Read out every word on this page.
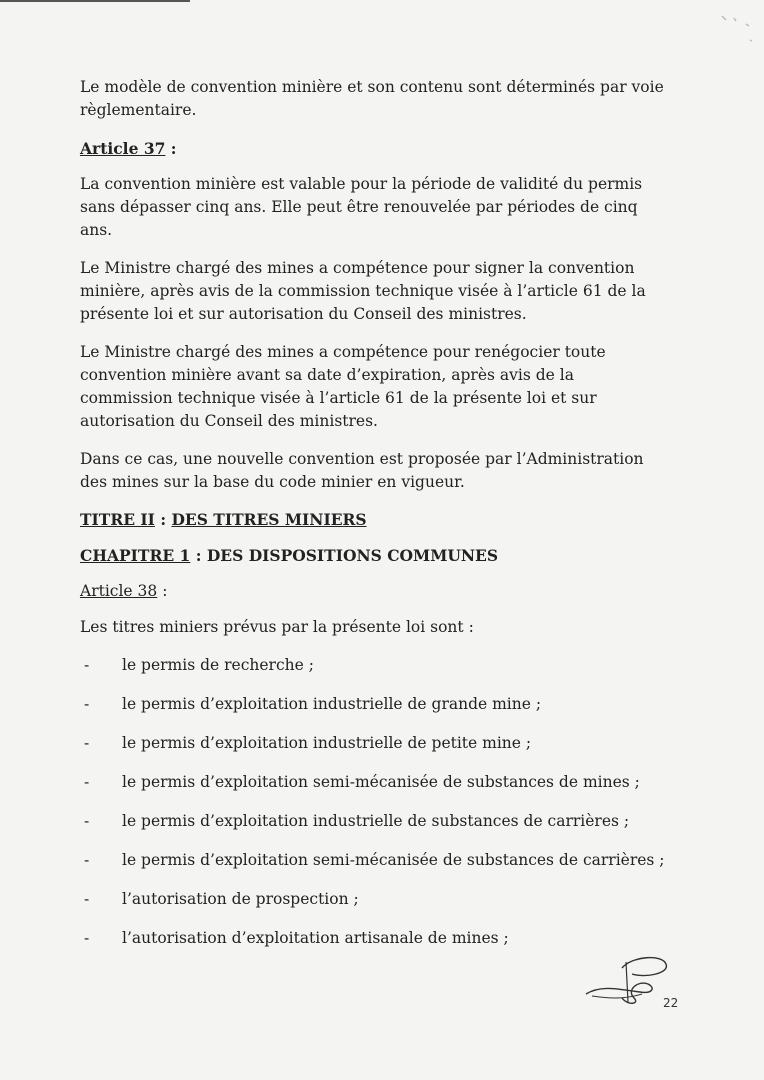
Le modèle de convention minière et son contenu sont déterminés par voie règlementaire.

Article 37 :

La convention minière est valable pour la période de validité du permis sans dépasser cinq ans. Elle peut être renouvelée par périodes de cinq ans.

Le Ministre chargé des mines a compétence pour signer la convention minière, après avis de la commission technique visée à l’article 61 de la présente loi et sur autorisation du Conseil des ministres.

Le Ministre chargé des mines a compétence pour renégocier toute convention minière avant sa date d’expiration, après avis de la commission technique visée à l’article 61 de la présente loi et sur autorisation du Conseil des ministres.

Dans ce cas, une nouvelle convention est proposée par l’Administration des mines sur la base du code minier en vigueur.

TITRE II : DES TITRES MINIERS

CHAPITRE 1 : DES DISPOSITIONS COMMUNES

Article 38 :

Les titres miniers prévus par la présente loi sont :

- le permis de recherche ;
- le permis d’exploitation industrielle de grande mine ;
- le permis d’exploitation industrielle de petite mine ;
- le permis d’exploitation semi-mécanisée de substances de mines ;
- le permis d’exploitation industrielle de substances de carrières ;
- le permis d’exploitation semi-mécanisée de substances de carrières ;
- l’autorisation de prospection ;
- l’autorisation d’exploitation artisanale de mines ;
22
